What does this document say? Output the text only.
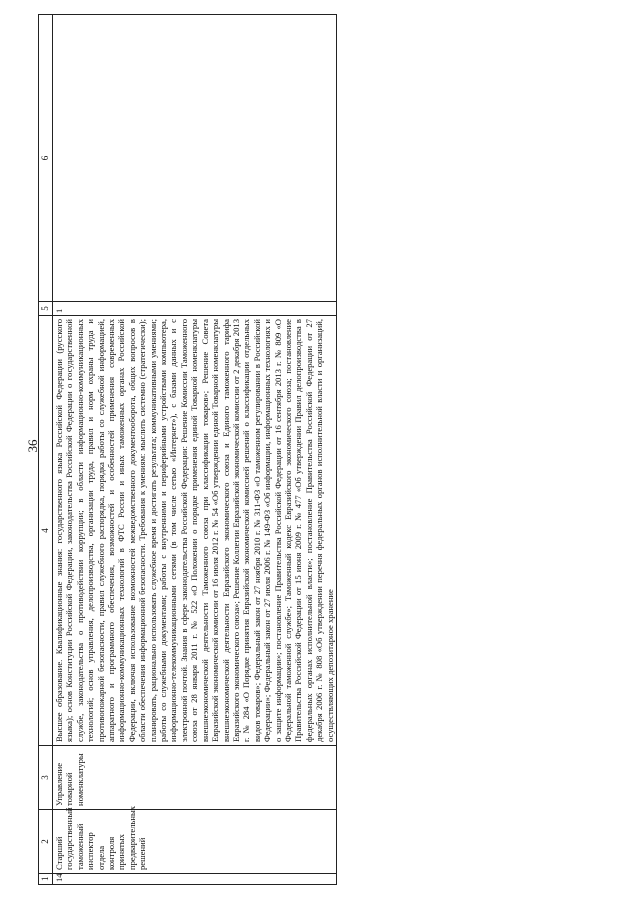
36
1	2	3	4	5	6
14	Старший государственный таможенный инспектор отдела контроля принятых предварительных решений	Управление товарной номенклатуры	Высшее образование. Квалификационные знания: государственного языка Российской Федерации (русского языка); основ Конституции Российской Федерации, законодательства Российской Федерации о государственной службе, законодательства о противодействии коррупции; в области информационно-коммуникационных технологий; основ управления, делопроизводства, организации труда, правил и норм охраны труда и противопожарной безопасности, правил служебного распорядка, порядка работы со служебной информацией, аппаратного и программного обеспечения, возможностей и особенностей применения современных информационно-коммуникационных технологий в ФТС России и иных таможенных органах Российской Федерации, включая использование возможностей межведомственного документооборота, общих вопросов в области обеспечения информационной безопасности. Требования к умениям: мыслить системно (стратегически); планировать, рационально использовать служебное время и достигать результата; коммуникативными умениями; работы со служебными документами; работы с внутренними и периферийными устройствами компьютера, информационно-телекоммуникационными сетями (в том числе сетью «Интернет»), с базами данных и с электронной почтой. Знания в сфере законодательства Российской Федерации: Решение Комиссии Таможенного союза от 28 января 2011 г. № 522 «О Положении о порядке применения единой Товарной номенклатуры внешнеэкономической деятельности Таможенного союза при классификации товаров»; Решение Совета Евразийской экономической комиссии от 16 июля 2012 г. № 54 «Об утверждении единой Товарной номенклатуры внешнеэкономической деятельности Евразийского экономического союза и Единого таможенного тарифа Евразийского экономического союза»; Решение Коллегии Евразийской экономической комиссии от 2 декабря 2013 г. № 284 «О Порядке принятия Евразийской экономической комиссией решений о классификации отдельных видов товаров»; Федеральный закон от 27 ноября 2010 г. № 311-ФЗ «О таможенном регулировании в Российской Федерации»; Федеральный закон от 27 июля 2006 г. № 149-ФЗ «Об информации, информационных технологиях и о защите информации»; постановление Правительства Российской Федерации от 16 сентября 2013 г. № 809 «О Федеральной таможенной службе»; Таможенный кодекс Евразийского экономического союза; постановление Правительства Российской Федерации от 15 июня 2009 г. № 477 «Об утверждении Правил делопроизводства в федеральных органах исполнительной власти»; постановление Правительства Российской Федерации от 27 декабря 2006 г. № 808 «Об утверждении перечня федеральных органов исполнительной власти и организаций, осуществляющих депозитарное хранение	1	
